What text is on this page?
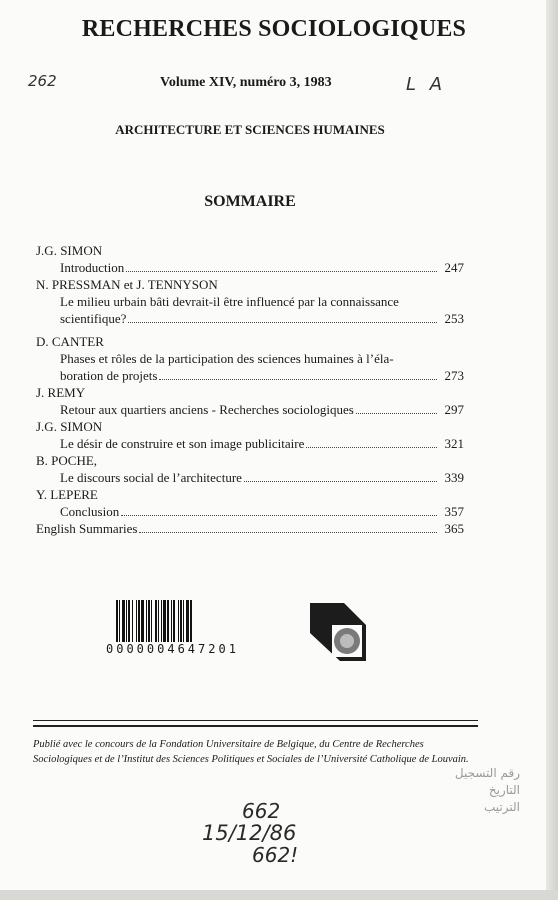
RECHERCHES SOCIOLOGIQUES
262	Volume XIV, numéro 3, 1983	L A
ARCHITECTURE ET SCIENCES HUMAINES
SOMMAIRE
J.G. SIMON
Introduction	247
N. PRESSMAN et J. TENNYSON
Le milieu urbain bâti devrait-il être influencé par la connaissance
scientifique?	253
D. CANTER
Phases et rôles de la participation des sciences humaines à l’éla-
boration de projets	273
J. REMY
Retour aux quartiers anciens - Recherches sociologiques	297
J.G. SIMON
Le désir de construire et son image publicitaire	321
B. POCHE,
Le discours social de l’architecture	339
Y. LEPERE
Conclusion	357
English Summaries	365
0000004647201
Publié avec le concours de la Fondation Universitaire de Belgique, du Centre de Recherches Sociologiques et de l’Institut des Sciences Politiques et Sociales de l’Université Catholique de Louvain.
رقم التسجيل
التاريخ
الترتيب
662
15/12/86
662!
